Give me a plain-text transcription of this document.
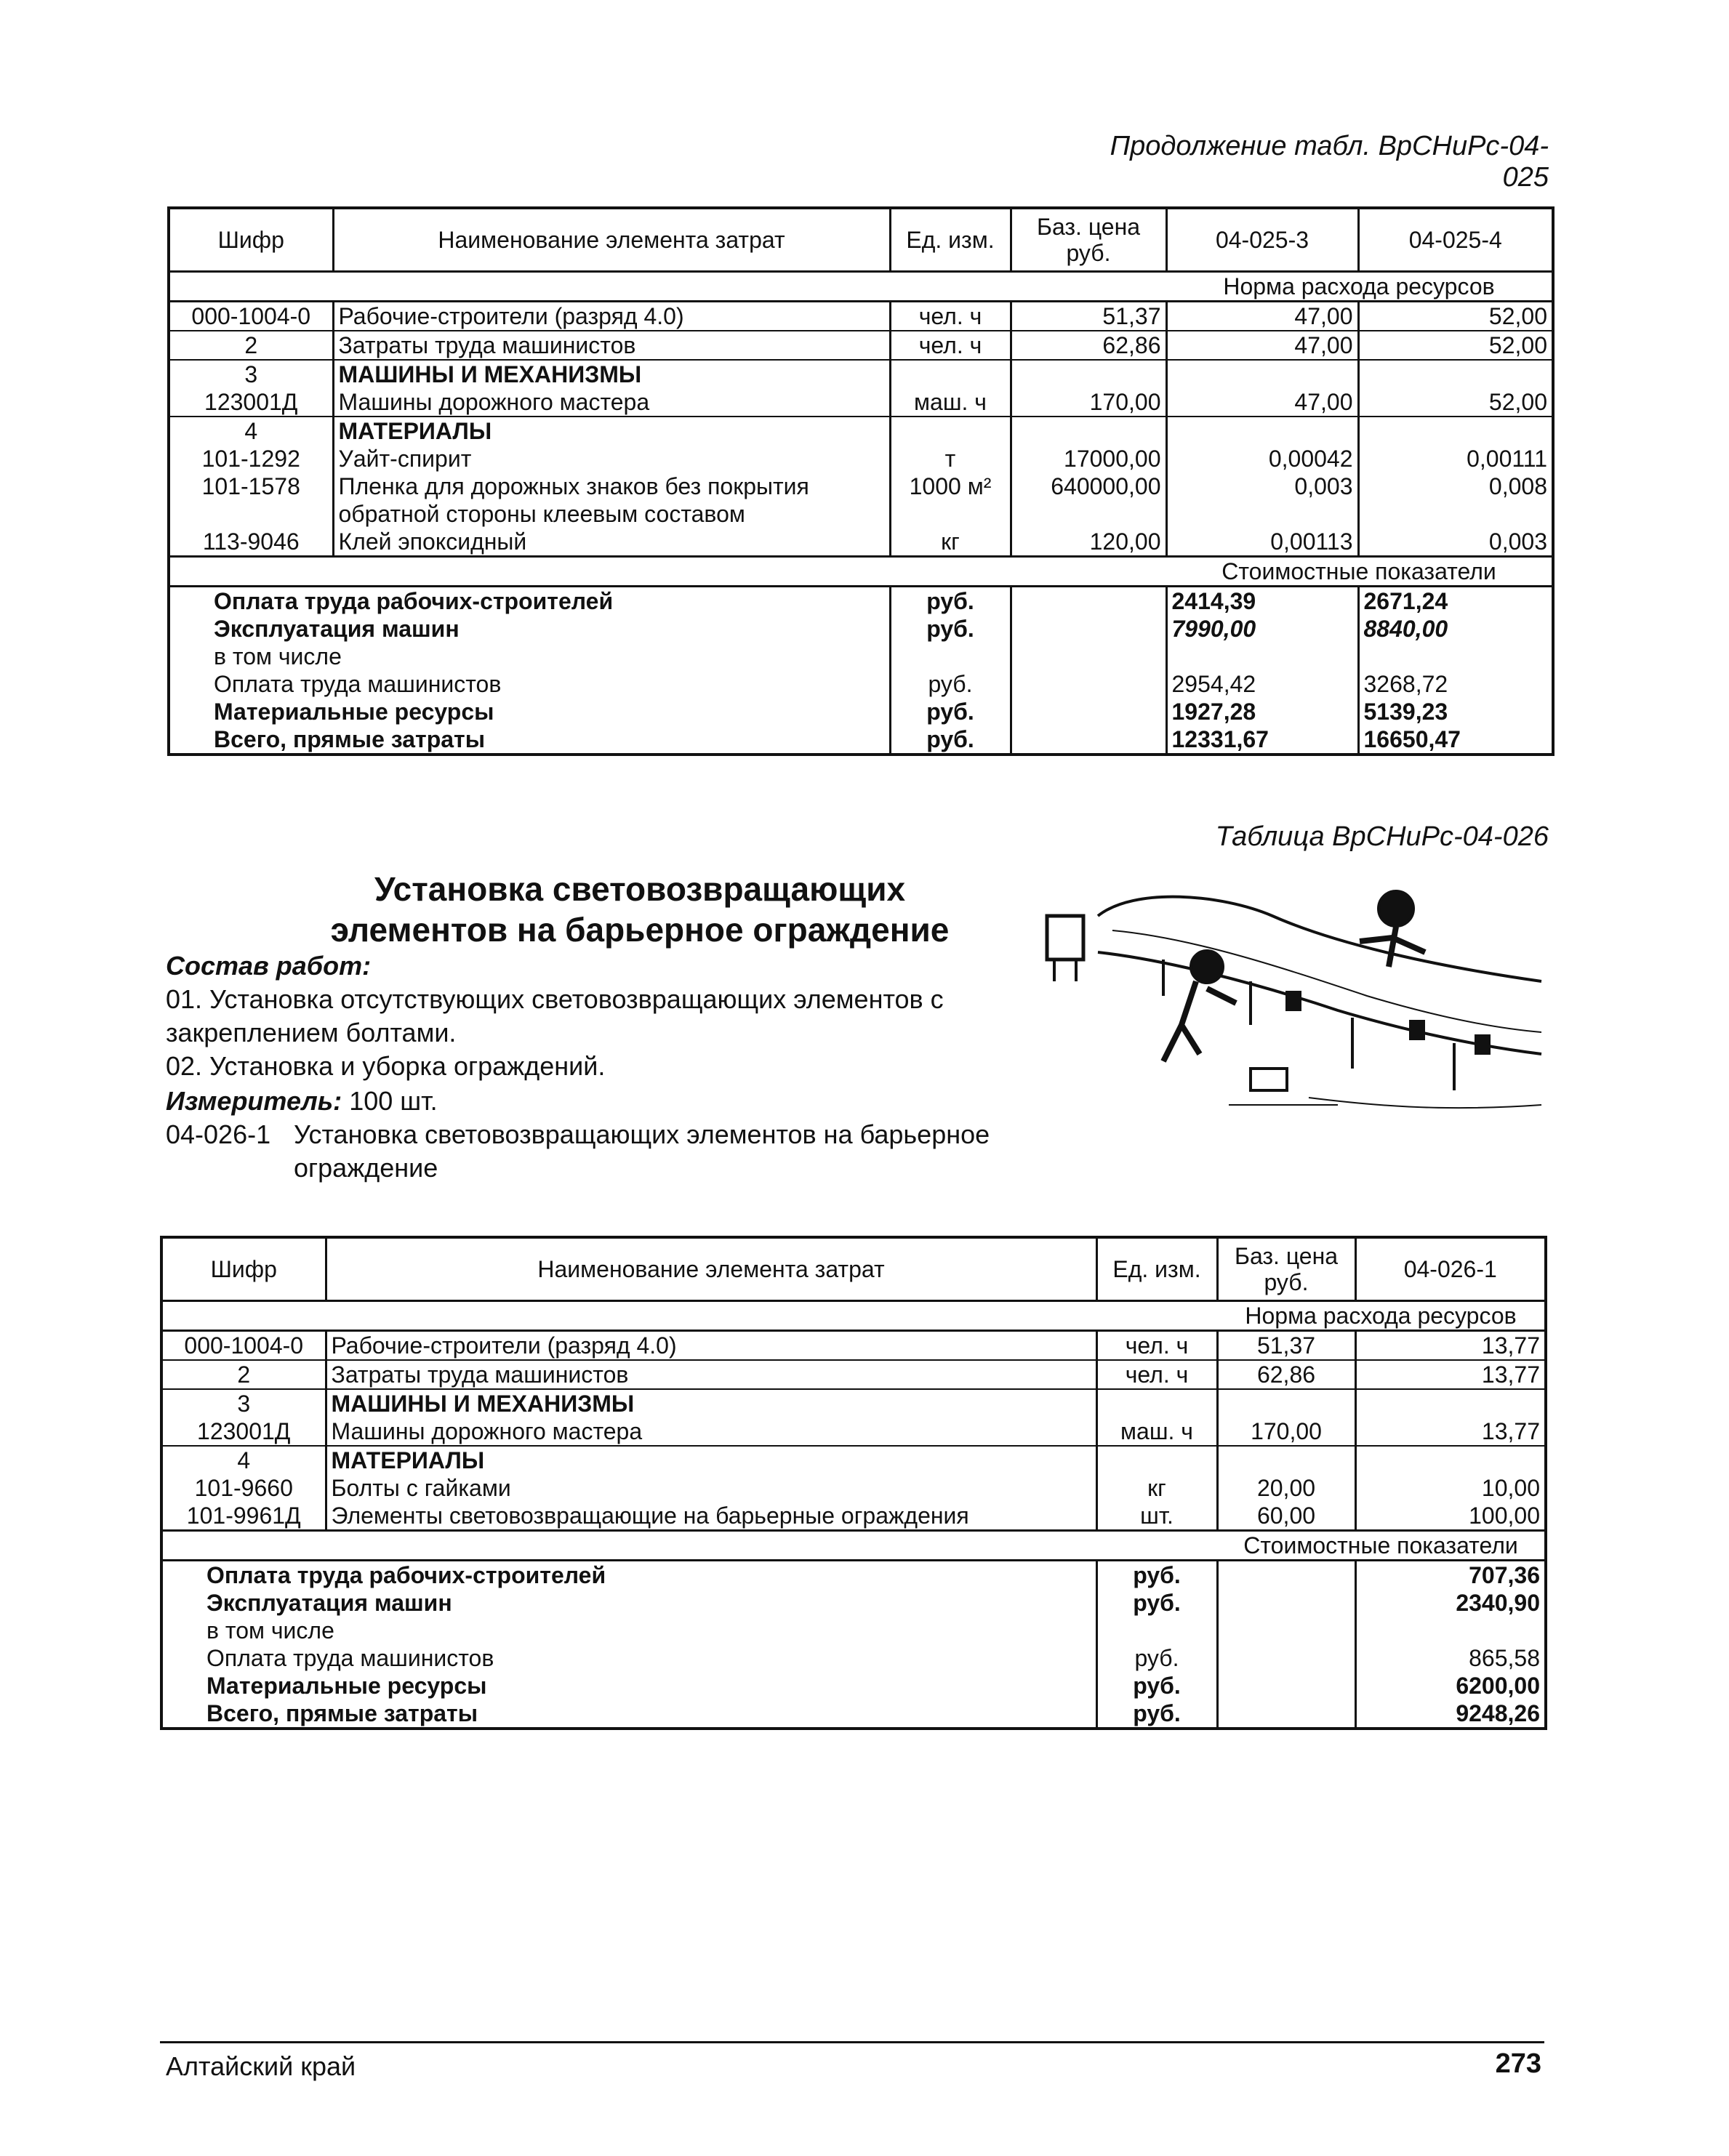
Продолжение табл. ВрСНиРс-04-025
Шифр	Наименование элемента затрат	Ед. изм.	Баз. цена руб.	04-025-3	04-025-4
				Норма расхода ресурсов	
000-1004-0	Рабочие-строители (разряд 4.0)	чел. ч	51,37	47,00	52,00
2	Затраты труда машинистов	чел. ч	62,86	47,00	52,00
3	МАШИНЫ И МЕХАНИЗМЫ				
123001Д	Машины дорожного мастера	маш. ч	170,00	47,00	52,00
4	МАТЕРИАЛЫ				
101-1292	Уайт-спирит	т	17000,00	0,00042	0,00111
101-1578	Пленка для дорожных знаков без покрытия обратной стороны клеевым составом	1000 м²	640000,00	0,003	0,008
113-9046	Клей эпоксидный	кг	120,00	0,00113	0,003
				Стоимостные показатели	
Оплата труда рабочих-строителей		руб.		2414,39	2671,24
Эксплуатация машин		руб.		7990,00	8840,00
в том числе					
Оплата труда машинистов		руб.		2954,42	3268,72
Материальные ресурсы		руб.		1927,28	5139,23
Всего, прямые затраты		руб.		12331,67	16650,47
Таблица ВрСНиРс-04-026
Установка световозвращающих
элементов на барьерное ограждение
Состав работ:
01. Установка отсутствующих световозвращающих элементов с закреплением болтами.
02. Установка и уборка ограждений.
Измеритель: 100 шт.
04-026-1 Установка световозвращающих элементов на барьерное ограждение
Шифр	Наименование элемента затрат	Ед. изм.	Баз. цена руб.	04-026-1
			Норма расхода ресурсов	
000-1004-0	Рабочие-строители (разряд 4.0)	чел. ч	51,37	13,77
2	Затраты труда машинистов	чел. ч	62,86	13,77
3	МАШИНЫ И МЕХАНИЗМЫ			
123001Д	Машины дорожного мастера	маш. ч	170,00	13,77
4	МАТЕРИАЛЫ			
101-9660	Болты с гайками	кг	20,00	10,00
101-9961Д	Элементы световозвращающие на барьерные ограждения	шт.	60,00	100,00
			Стоимостные показатели	
Оплата труда рабочих-строителей		руб.		707,36
Эксплуатация машин		руб.		2340,90
в том числе				
Оплата труда машинистов		руб.		865,58
Материальные ресурсы		руб.		6200,00
Всего, прямые затраты		руб.		9248,26
Алтайский край	273
